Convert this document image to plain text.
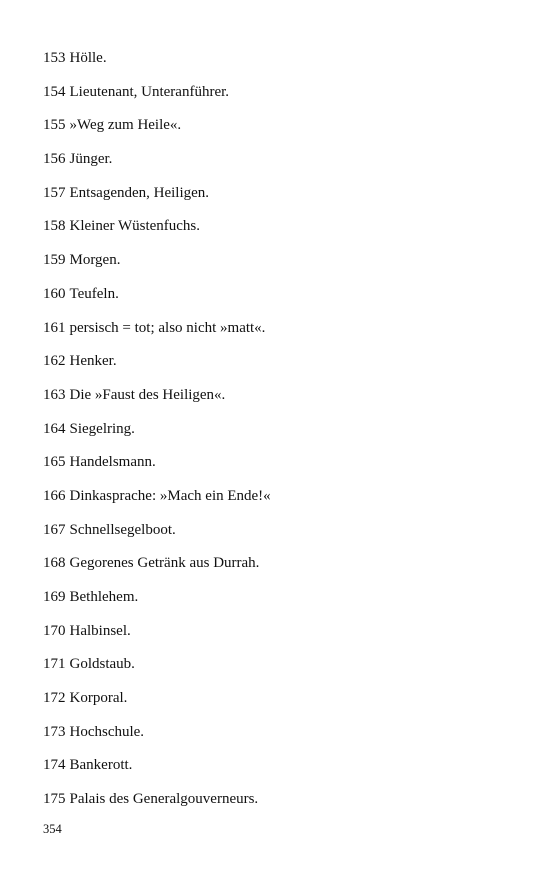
153 Hölle.
154 Lieutenant, Unteranführer.
155 »Weg zum Heile«.
156 Jünger.
157 Entsagenden, Heiligen.
158 Kleiner Wüstenfuchs.
159 Morgen.
160 Teufeln.
161 persisch = tot; also nicht »matt«.
162 Henker.
163 Die »Faust des Heiligen«.
164 Siegelring.
165 Handelsmann.
166 Dinkasprache: »Mach ein Ende!«
167 Schnellsegelboot.
168 Gegorenes Getränk aus Durrah.
169 Bethlehem.
170 Halbinsel.
171 Goldstaub.
172 Korporal.
173 Hochschule.
174 Bankerott.
175 Palais des Generalgouverneurs.
354
